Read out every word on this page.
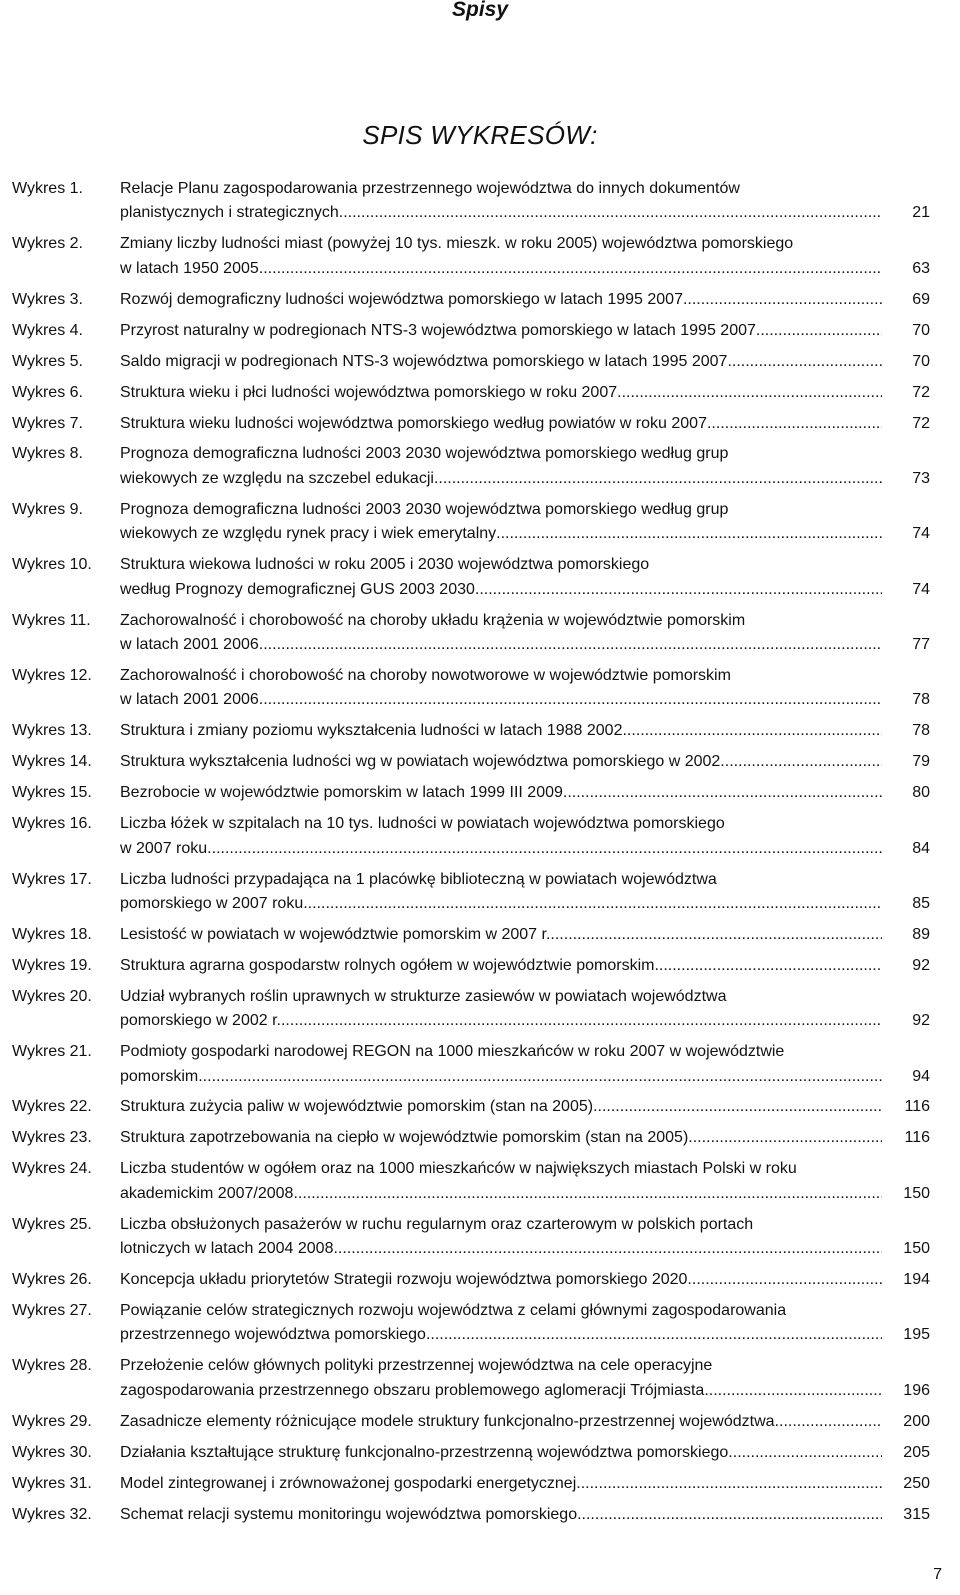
Spisy
SPIS WYKRESÓW:
Wykres 1. Relacje Planu zagospodarowania przestrzennego województwa do innych dokumentów
planistycznych i strategicznych .....	21
Wykres 2. Zmiany liczby ludności miast (powyżej 10 tys. mieszk. w roku 2005) województwa pomorskiego
w latach 1950 2005 .....	63
Wykres 3. Rozwój demograficzny ludności województwa pomorskiego w latach 1995 2007 .....	69
Wykres 4. Przyrost naturalny w podregionach NTS-3 województwa pomorskiego w latach 1995 2007 .....	70
Wykres 5. Saldo migracji w podregionach NTS-3 województwa pomorskiego w latach 1995 2007 .....	70
Wykres 6. Struktura wieku i płci ludności województwa pomorskiego w roku 2007 .....	72
Wykres 7. Struktura wieku ludności województwa pomorskiego według powiatów w roku 2007 .....	72
Wykres 8. Prognoza demograficzna ludności 2003 2030 województwa pomorskiego według grup
wiekowych ze względu na szczebel edukacji .....	73
Wykres 9. Prognoza demograficzna ludności 2003 2030 województwa pomorskiego według grup
wiekowych ze względu rynek pracy i wiek emerytalny .....	74
Wykres 10. Struktura wiekowa ludności w roku 2005 i 2030 województwa pomorskiego
według Prognozy demograficznej GUS 2003 2030 .....	74
Wykres 11. Zachorowalność i chorobowość na choroby układu krążenia w województwie pomorskim
w latach 2001 2006 .....	77
Wykres 12. Zachorowalność i chorobowość na choroby nowotworowe w województwie pomorskim
w latach 2001 2006 .....	78
Wykres 13. Struktura i zmiany poziomu wykształcenia ludności w latach 1988 2002 .....	78
Wykres 14. Struktura wykształcenia ludności wg w powiatach województwa pomorskiego w 2002 .....	79
Wykres 15. Bezrobocie w województwie pomorskim w latach 1999 III 2009 .....	80
Wykres 16. Liczba łóżek w szpitalach na 10 tys. ludności w powiatach województwa pomorskiego
w 2007 roku .....	84
Wykres 17. Liczba ludności przypadająca na 1 placówkę biblioteczną w powiatach województwa
pomorskiego w 2007 roku .....	85
Wykres 18. Lesistość w powiatach w województwie pomorskim w 2007 r. .....	89
Wykres 19. Struktura agrarna gospodarstw rolnych ogółem w województwie pomorskim .....	92
Wykres 20. Udział wybranych roślin uprawnych w strukturze zasiewów w powiatach województwa
pomorskiego w 2002 r. .....	92
Wykres 21. Podmioty gospodarki narodowej REGON na 1000 mieszkańców w roku 2007 w województwie
pomorskim .....	94
Wykres 22. Struktura zużycia paliw w województwie pomorskim (stan na 2005) .....	116
Wykres 23. Struktura zapotrzebowania na ciepło w województwie pomorskim (stan na 2005) .....	116
Wykres 24. Liczba studentów w ogółem oraz na 1000 mieszkańców w największych miastach Polski w roku
akademickim 2007/2008 .....	150
Wykres 25. Liczba obsłużonych pasażerów w ruchu regularnym oraz czarterowym w polskich portach
lotniczych w latach 2004 2008 .....	150
Wykres 26. Koncepcja układu priorytetów Strategii rozwoju województwa pomorskiego 2020 .....	194
Wykres 27. Powiązanie celów strategicznych rozwoju województwa z celami głównymi zagospodarowania
przestrzennego województwa pomorskiego .....	195
Wykres 28. Przełożenie celów głównych polityki przestrzennej województwa na cele operacyjne
zagospodarowania przestrzennego obszaru problemowego aglomeracji Trójmiasta .....	196
Wykres 29. Zasadnicze elementy różnicujące modele struktury funkcjonalno-przestrzennej województwa .....	200
Wykres 30. Działania kształtujące strukturę funkcjonalno-przestrzenną województwa pomorskiego .....	205
Wykres 31. Model zintegrowanej i zrównoważonej gospodarki energetycznej .....	250
Wykres 32. Schemat relacji systemu monitoringu województwa pomorskiego .....	315
7
